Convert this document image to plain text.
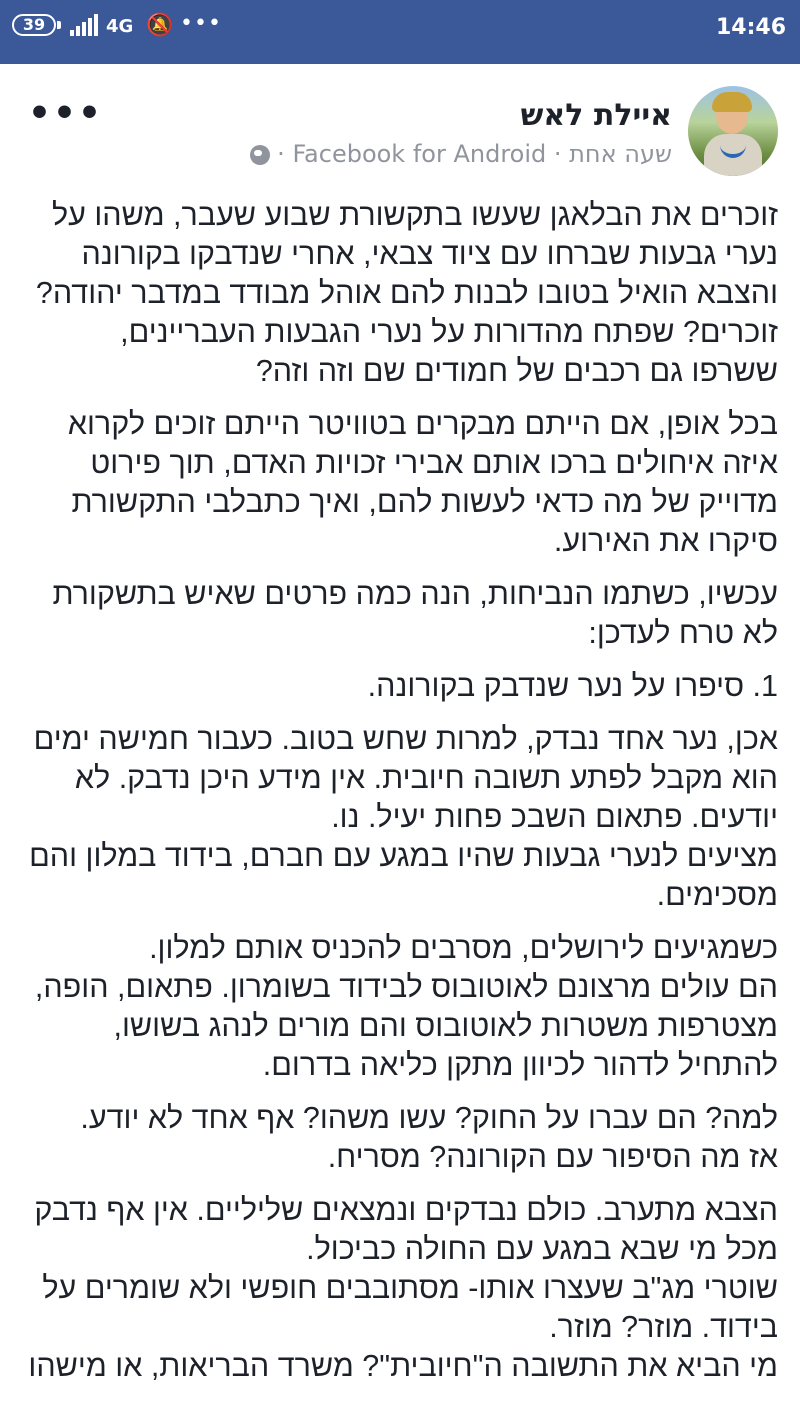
39	4G 🔕 •••	14:46
איילת לאש
שעה אחת · Facebook for Android ·
•••

זוכרים את הבלאגן שעשו בתקשורת שבוע שעבר, משהו על
נערי גבעות שברחו עם ציוד צבאי, אחרי שנדבקו בקורונה
והצבא הואיל בטובו לבנות להם אוהל מבודד במדבר יהודה?
זוכרים? שפתח מהדורות על נערי הגבעות העבריינים,
ששרפו גם רכבים של חמודים שם וזה וזה?

בכל אופן, אם הייתם מבקרים בטוויטר הייתם זוכים לקרוא
איזה איחולים ברכו אותם אבירי זכויות האדם, תוך פירוט
מדוייק של מה כדאי לעשות להם, ואיך כתבלבי התקשורת
סיקרו את האירוע.

עכשיו, כשתמו הנביחות, הנה כמה פרטים שאיש בתשקורת
לא טרח לעדכן:

1. סיפרו על נער שנדבק בקורונה.

אכן, נער אחד נבדק, למרות שחש בטוב. כעבור חמישה ימים
הוא מקבל לפתע תשובה חיובית. אין מידע היכן נדבק. לא
יודעים. פתאום השבכ פחות יעיל. נו.
מציעים לנערי גבעות שהיו במגע עם חברם, בידוד במלון והם
מסכימים.

כשמגיעים לירושלים, מסרבים להכניס אותם למלון.
הם עולים מרצונם לאוטובוס לבידוד בשומרון. פתאום, הופה,
מצטרפות משטרות לאוטובוס והם מורים לנהג בשושו,
להתחיל לדהור לכיוון מתקן כליאה בדרום.

למה? הם עברו על החוק? עשו משהו? אף אחד לא יודע.
אז מה הסיפור עם הקורונה? מסריח.

הצבא מתערב. כולם נבדקים ונמצאים שליליים. אין אף נדבק
מכל מי שבא במגע עם החולה כביכול.
שוטרי מג"ב שעצרו אותו- מסתובבים חופשי ולא שומרים על
בידוד. מוזר? מוזר.
מי הביא את התשובה ה"חיובית"? משרד הבריאות, או מישהו
